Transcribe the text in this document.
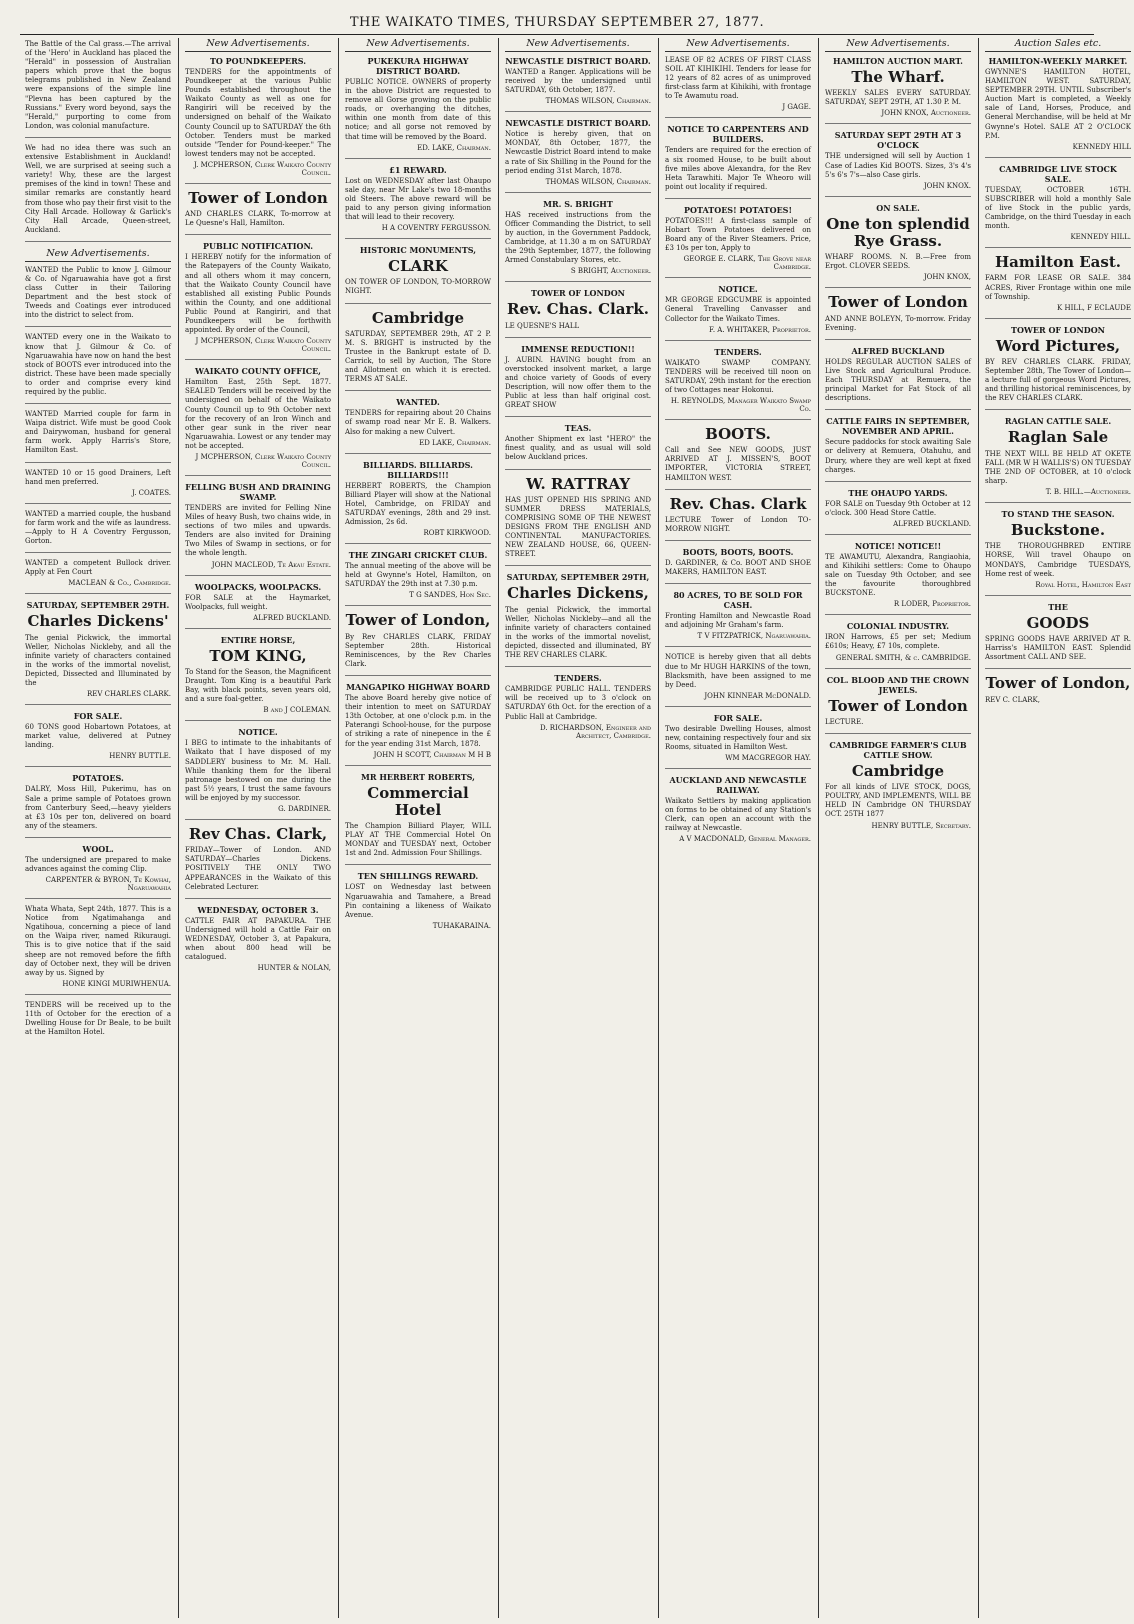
THE WAIKATO TIMES, THURSDAY SEPTEMBER 27, 1877.

The Battle of the Cal grass.—The arrival of the 'Hero' in Auckland has placed the "Herald" in possession of Australian papers which prove that the bogus telegrams published in New Zealand were expansions of the simple line "Plevna has been captured by the Russians." Every word beyond, says the "Herald," purporting to come from London, was colonial manufacture.

We had no idea there was such an extensive Establishment in Auckland! Well, we are surprised at seeing such a variety! Why, these are the largest premises of the kind in town! These and similar remarks are constantly heard from those who pay their first visit to the City Hall Arcade. Holloway & Garlick's City Hall Arcade, Queen-street, Auckland.

New Advertisements.

WANTED the Public to know J. Gilmour & Co. of Ngaruawahia have got a first class Cutter in their Tailoring Department and the best stock of Tweeds and Coatings ever introduced into the district to select from.

WANTED every one in the Waikato to know that J. Gilmour & Co. of Ngaruawahia have now on hand the best stock of BOOTS ever introduced into the district. These have been made specially to order and comprise every kind required by the public.

WANTED Married couple for farm in Waipa district. Wife must be good Cook and Dairywoman, husband for general farm work. Apply Harris's Store, Hamilton East.

WANTED 10 or 15 good Drainers, Left hand men preferred.

J. COATES.

WANTED a married couple, the husband for farm work and the wife as laundress.—Apply to H A Coventry Fergusson, Gorton.

WANTED a competent Bullock driver. Apply at Fen Court

MACLEAN & Co., Cambridge.
SATURDAY, SEPTEMBER 29TH.
Charles Dickens'

The genial Pickwick, the immortal Weller, Nicholas Nickleby, and all the infinite variety of characters contained in the works of the immortal novelist, Depicted, Dissected and Illuminated by the

REV CHARLES CLARK.
FOR SALE.

60 TONS good Hobartown Potatoes, at market value, delivered at Putney landing.

HENRY BUTTLE.
POTATOES.

DALRY, Moss Hill, Pukerimu, has on Sale a prime sample of Potatoes grown from Canterbury Seed,—heavy yielders at £3 10s per ton, delivered on board any of the steamers.

WOOL.

The undersigned are prepared to make advances against the coming Clip.

CARPENTER & BYRON, Te Kowhai, Ngaruawahia

Whata Whata, Sept 24th, 1877. This is a Notice from Ngatimahanga and Ngatihoua, concerning a piece of land on the Waipa river, named Rikuraugi. This is to give notice that if the said sheep are not removed before the fifth day of October next, they will be driven away by us. Signed by

HONE KINGI MURIWHENUA.

TENDERS will be received up to the 11th of October for the erection of a Dwelling House for Dr Beale, to be built at the Hamilton Hotel.

New Advertisements.
TO POUNDKEEPERS.

TENDERS for the appointments of Poundkeeper at the various Public Pounds established throughout the Waikato County as well as one for Rangiriri will be received by the undersigned on behalf of the Waikato County Council up to SATURDAY the 6th October. Tenders must be marked outside "Tender for Pound-keeper." The lowest tenders may not be accepted.

J. MCPHERSON, Clerk Waikato County Council.
Tower of London

AND CHARLES CLARK, To-morrow at Le Quesne's Hall, Hamilton.

PUBLIC NOTIFICATION.

I HEREBY notify for the information of the Ratepayers of the County Waikato, and all others whom it may concern, that the Waikato County Council have established all existing Public Pounds within the County, and one additional Public Pound at Rangiriri, and that Poundkeepers will be forthwith appointed. By order of the Council,

J MCPHERSON, Clerk Waikato County Council.
WAIKATO COUNTY OFFICE,

Hamilton East, 25th Sept. 1877. SEALED Tenders will be received by the undersigned on behalf of the Waikato County Council up to 9th October next for the recovery of an Iron Winch and other gear sunk in the river near Ngaruawahia. Lowest or any tender may not be accepted.

J MCPHERSON, Clerk Waikato County Council.
FELLING BUSH AND DRAINING SWAMP.

TENDERS are invited for Felling Nine Miles of heavy Bush, two chains wide, in sections of two miles and upwards. Tenders are also invited for Draining Two Miles of Swamp in sections, or for the whole length.

JOHN MACLEOD, Te Akau Estate.
WOOLPACKS, WOOLPACKS.

FOR SALE at the Haymarket, Woolpacks, full weight.

ALFRED BUCKLAND.
ENTIRE HORSE,
TOM KING,

To Stand for the Season, the Magnificent Draught. Tom King is a beautiful Park Bay, with black points, seven years old, and a sure foal-getter.

B and J COLEMAN.
NOTICE.

I BEG to intimate to the inhabitants of Waikato that I have disposed of my SADDLERY business to Mr. M. Hall. While thanking them for the liberal patronage bestowed on me during the past 5½ years, I trust the same favours will be enjoyed by my successor.

G. DARDINER.
Rev Chas. Clark,

FRIDAY—Tower of London. AND SATURDAY—Charles Dickens. POSITIVELY THE ONLY TWO APPEARANCES in the Waikato of this Celebrated Lecturer.

WEDNESDAY, OCTOBER 3.

CATTLE FAIR AT PAPAKURA. THE Undersigned will hold a Cattle Fair on WEDNESDAY, October 3, at Papakura, when about 800 head will be catalogued.

HUNTER & NOLAN,
New Advertisements.
PUKEKURA HIGHWAY DISTRICT BOARD.

PUBLIC NOTICE. OWNERS of property in the above District are requested to remove all Gorse growing on the public roads, or overhanging the ditches, within one month from date of this notice; and all gorse not removed by that time will be removed by the Board.

ED. LAKE, Chairman.
£1 REWARD.

Lost on WEDNESDAY after last Ohaupo sale day, near Mr Lake's two 18-months old Steers. The above reward will be paid to any person giving information that will lead to their recovery.

H A COVENTRY FERGUSSON.
HISTORIC MONUMENTS,
CLARK

ON TOWER OF LONDON, TO-MORROW NIGHT.

Cambridge

SATURDAY, SEPTEMBER 29th, AT 2 P. M. S. BRIGHT is instructed by the Trustee in the Bankrupt estate of D. Carrick, to sell by Auction, The Store and Allotment on which it is erected. TERMS AT SALE.

WANTED.

TENDERS for repairing about 20 Chains of swamp road near Mr E. B. Walkers. Also for making a new Culvert.

ED LAKE, Chairman.
BILLIARDS. BILLIARDS. BILLIARDS!!!

HERBERT ROBERTS, the Champion Billiard Player will show at the National Hotel, Cambridge, on FRIDAY and SATURDAY evenings, 28th and 29 inst. Admission, 2s 6d.

ROBT KIRKWOOD.
THE ZINGARI CRICKET CLUB.

The annual meeting of the above will be held at Gwynne's Hotel, Hamilton, on SATURDAY the 29th inst at 7.30 p.m.

T G SANDES, Hon Sec.
Tower of London,

By Rev CHARLES CLARK, FRIDAY September 28th. Historical Reminiscences, by the Rev Charles Clark.

MANGAPIKO HIGHWAY BOARD

The above Board hereby give notice of their intention to meet on SATURDAY 13th October, at one o'clock p.m. in the Paterangi School-house, for the purpose of striking a rate of ninepence in the £ for the year ending 31st March, 1878.

JOHN H SCOTT, Chairman M H B
MR HERBERT ROBERTS,
Commercial Hotel

The Champion Billiard Player, WILL PLAY AT THE Commercial Hotel On MONDAY and TUESDAY next, October 1st and 2nd. Admission Four Shillings.

TEN SHILLINGS REWARD.

LOST on Wednesday last between Ngaruawahia and Tamahere, a Bread Pin containing a likeness of Waikato Avenue.

TUHAKARAINA.
New Advertisements.
NEWCASTLE DISTRICT BOARD.

WANTED a Ranger. Applications will be received by the undersigned until SATURDAY, 6th October, 1877.

THOMAS WILSON, Chairman.
NEWCASTLE DISTRICT BOARD.

Notice is hereby given, that on MONDAY, 8th October, 1877, the Newcastle District Board intend to make a rate of Six Shilling in the Pound for the period ending 31st March, 1878.

THOMAS WILSON, Chairman.
MR. S. BRIGHT

HAS received instructions from the Officer Commanding the District, to sell by auction, in the Government Paddock, Cambridge, at 11.30 a m on SATURDAY the 29th September, 1877, the following Armed Constabulary Stores, etc.

S BRIGHT, Auctioneer.
TOWER OF LONDON
Rev. Chas. Clark.

LE QUESNE'S HALL

IMMENSE REDUCTION!!

J. AUBIN. HAVING bought from an overstocked insolvent market, a large and choice variety of Goods of every Description, will now offer them to the Public at less than half original cost. GREAT SHOW

TEAS.

Another Shipment ex last "HERO" the finest quality, and as usual will sold below Auckland prices.

W. RATTRAY

HAS JUST OPENED HIS SPRING AND SUMMER DRESS MATERIALS, COMPRISING SOME OF THE NEWEST DESIGNS FROM THE ENGLISH AND CONTINENTAL MANUFACTORIES. NEW ZEALAND HOUSE, 66, QUEEN-STREET.

SATURDAY, SEPTEMBER 29TH,
Charles Dickens,

The genial Pickwick, the immortal Weller, Nicholas Nickleby—and all the infinite variety of characters contained in the works of the immortal novelist, depicted, dissected and illuminated, BY THE REV CHARLES CLARK.

TENDERS.

CAMBRIDGE PUBLIC HALL. TENDERS will be received up to 3 o'clock on SATURDAY 6th Oct. for the erection of a Public Hall at Cambridge.

D. RICHARDSON, Engineer and Architect, Cambridge.
New Advertisements.

LEASE OF 82 ACRES OF FIRST CLASS SOIL AT KIHIKIHI. Tenders for lease for 12 years of 82 acres of as unimproved first-class farm at Kihikihi, with frontage to Te Awamutu road.

J GAGE.
NOTICE TO CARPENTERS AND BUILDERS.

Tenders are required for the erection of a six roomed House, to be built about five miles above Alexandra, for the Rev Heta Tarawhiti. Major Te Wheoro will point out locality if required.

POTATOES! POTATOES!

POTATOES!!! A first-class sample of Hobart Town Potatoes delivered on Board any of the River Steamers. Price, £3 10s per ton, Apply to

GEORGE E. CLARK, The Grove near Cambridge.
NOTICE.

MR GEORGE EDGCUMBE is appointed General Travelling Canvasser and Collector for the Waikato Times.

F. A. WHITAKER, Proprietor.
TENDERS.

WAIKATO SWAMP COMPANY. TENDERS will be received till noon on SATURDAY, 29th instant for the erection of two Cottages near Hokonui.

H. REYNOLDS, Manager Waikato Swamp Co.
BOOTS.

Call and See NEW GOODS, JUST ARRIVED AT J. MISSEN'S, BOOT IMPORTER, VICTORIA STREET, HAMILTON WEST.

Rev. Chas. Clark

LECTURE Tower of London TO-MORROW NIGHT.

BOOTS, BOOTS, BOOTS.

D. GARDINER, & Co. BOOT AND SHOE MAKERS, HAMILTON EAST.

80 ACRES, TO BE SOLD FOR CASH.

Fronting Hamilton and Newcastle Road and adjoining Mr Graham's farm.

T V FITZPATRICK, Ngaruawahia.

NOTICE is hereby given that all debts due to Mr HUGH HARKINS of the town, Blacksmith, have been assigned to me by Deed.

JOHN KINNEAR McDONALD.
FOR SALE.

Two desirable Dwelling Houses, almost new, containing respectively four and six Rooms, situated in Hamilton West.

WM MACGREGOR HAY.
AUCKLAND AND NEWCASTLE RAILWAY.

Waikato Settlers by making application on forms to be obtained of any Station's Clerk, can open an account with the railway at Newcastle.

A V MACDONALD, General Manager.
New Advertisements.
HAMILTON AUCTION MART.
The Wharf.

WEEKLY SALES EVERY SATURDAY. SATURDAY, SEPT 29TH, AT 1.30 P. M.

JOHN KNOX, Auctioneer.
SATURDAY SEPT 29TH AT 3 O'CLOCK

THE undersigned will sell by Auction 1 Case of Ladies Kid BOOTS. Sizes, 3's 4's 5's 6's 7's—also Case girls.

JOHN KNOX.
ON SALE.
One ton splendid Rye Grass.

WHARF ROOMS. N. B.—Free from Ergot. CLOVER SEEDS.

JOHN KNOX,
Tower of London

AND ANNE BOLEYN, To-morrow. Friday Evening.

ALFRED BUCKLAND

HOLDS REGULAR AUCTION SALES of Live Stock and Agricultural Produce. Each THURSDAY at Remuera, the principal Market for Fat Stock of all descriptions.

CATTLE FAIRS IN SEPTEMBER, NOVEMBER AND APRIL.

Secure paddocks for stock awaiting Sale or delivery at Remuera, Otahuhu, and Drury, where they are well kept at fixed charges.

THE OHAUPO YARDS.

FOR SALE on Tuesday 9th October at 12 o'clock. 300 Head Store Cattle.

ALFRED BUCKLAND.
NOTICE! NOTICE!!

TE AWAMUTU, Alexandra, Rangiaohia, and Kihikihi settlers: Come to Ohaupo sale on Tuesday 9th October, and see the favourite thoroughbred BUCKSTONE.

R LODER, Proprietor.
COLONIAL INDUSTRY.

IRON Harrows, £5 per set; Medium £610s; Heavy, £7 10s, complete.

GENERAL SMITH, & c. CAMBRIDGE.
COL. BLOOD AND THE CROWN JEWELS.
Tower of London

LECTURE.

CAMBRIDGE FARMER'S CLUB CATTLE SHOW.
Cambridge

For all kinds of LIVE STOCK, DOGS, POULTRY, AND IMPLEMENTS, WILL BE HELD IN Cambridge ON THURSDAY OCT. 25TH 1877

HENRY BUTTLE, Secretary.
Auction Sales etc.
HAMILTON-WEEKLY MARKET.

GWYNNE'S HAMILTON HOTEL, HAMILTON WEST. SATURDAY, SEPTEMBER 29TH. UNTIL Subscriber's Auction Mart is completed, a Weekly sale of Land, Horses, Produce, and General Merchandise, will be held at Mr Gwynne's Hotel. SALE AT 2 O'CLOCK P.M.

KENNEDY HILL
CAMBRIDGE LIVE STOCK SALE.

TUESDAY, OCTOBER 16TH. SUBSCRIBER will hold a monthly Sale of live Stock in the public yards, Cambridge, on the third Tuesday in each month.

KENNEDY HILL.
Hamilton East.

FARM FOR LEASE OR SALE. 384 ACRES, River Frontage within one mile of Township.

K HILL, F ECLAUDE
TOWER OF LONDON
Word Pictures,

BY REV CHARLES CLARK. FRIDAY, September 28th, The Tower of London—a lecture full of gorgeous Word Pictures, and thrilling historical reminiscences, by the REV CHARLES CLARK.

RAGLAN CATTLE SALE.
Raglan Sale

THE NEXT WILL BE HELD AT OKETE FALL (MR W H WALLIS'S) ON TUESDAY THE 2ND OF OCTOBER, at 10 o'clock sharp.

T. B. HILL.—Auctioneer.
TO STAND THE SEASON.
Buckstone.

THE THOROUGHBRED ENTIRE HORSE, Will travel Ohaupo on MONDAYS, Cambridge TUESDAYS, Home rest of week.

Royal Hotel, Hamilton East
THE
GOODS

SPRING GOODS HAVE ARRIVED AT R. Harriss's HAMILTON EAST. Splendid Assortment CALL AND SEE.

Tower of London,

REV C. CLARK,
